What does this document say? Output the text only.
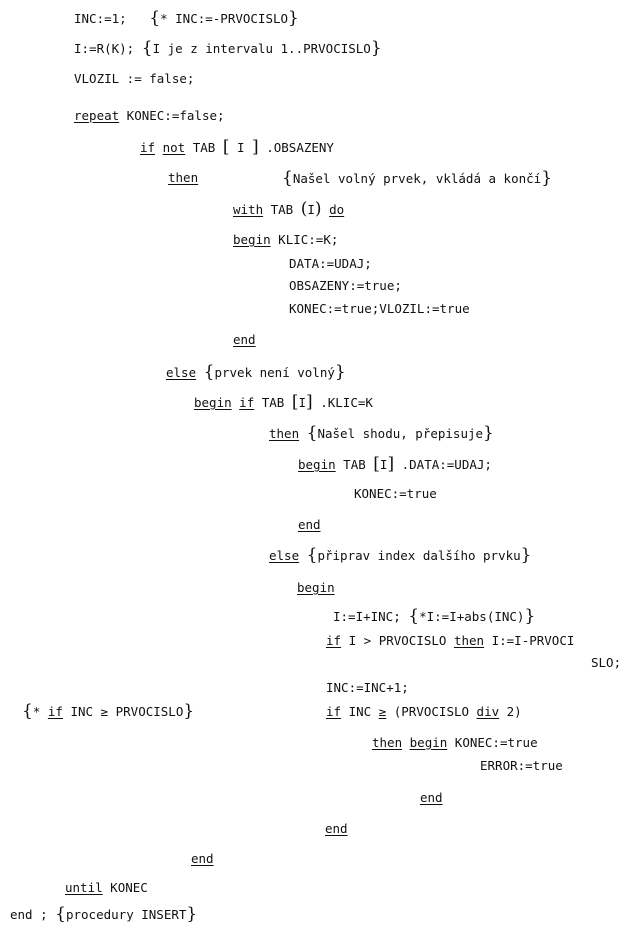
INC:=1; {* INC:=-PRVOCISLO}
I:=R(K); {I je z intervalu 1..PRVOCISLO}
VLOZIL := false;
repeat KONEC:=false;
if not TAB [ I ] .OBSAZENY
then	{Našel volný prvek, vkládá a končí}
with TAB (I) do
begin KLIC:=K;
DATA:=UDAJ;
OBSAZENY:=true;
KONEC:=true;VLOZIL:=true
end
else {prvek není volný}
begin if TAB [I] .KLIC=K
then {Našel shodu, přepisuje}
begin TAB [I] .DATA:=UDAJ;
KONEC:=true
end
else {připrav index dalšího prvku}
begin
I:=I+INC; {*I:=I+abs(INC)}
if I > PRVOCISLO then I:=I-PRVOCI
SLO;
INC:=INC+1;
{* if INC ≥ PRVOCISLO}	if INC ≥ (PRVOCISLO div 2)
then begin KONEC:=true
ERROR:=true
end
end
end
until KONEC
end ; {procedury INSERT}
